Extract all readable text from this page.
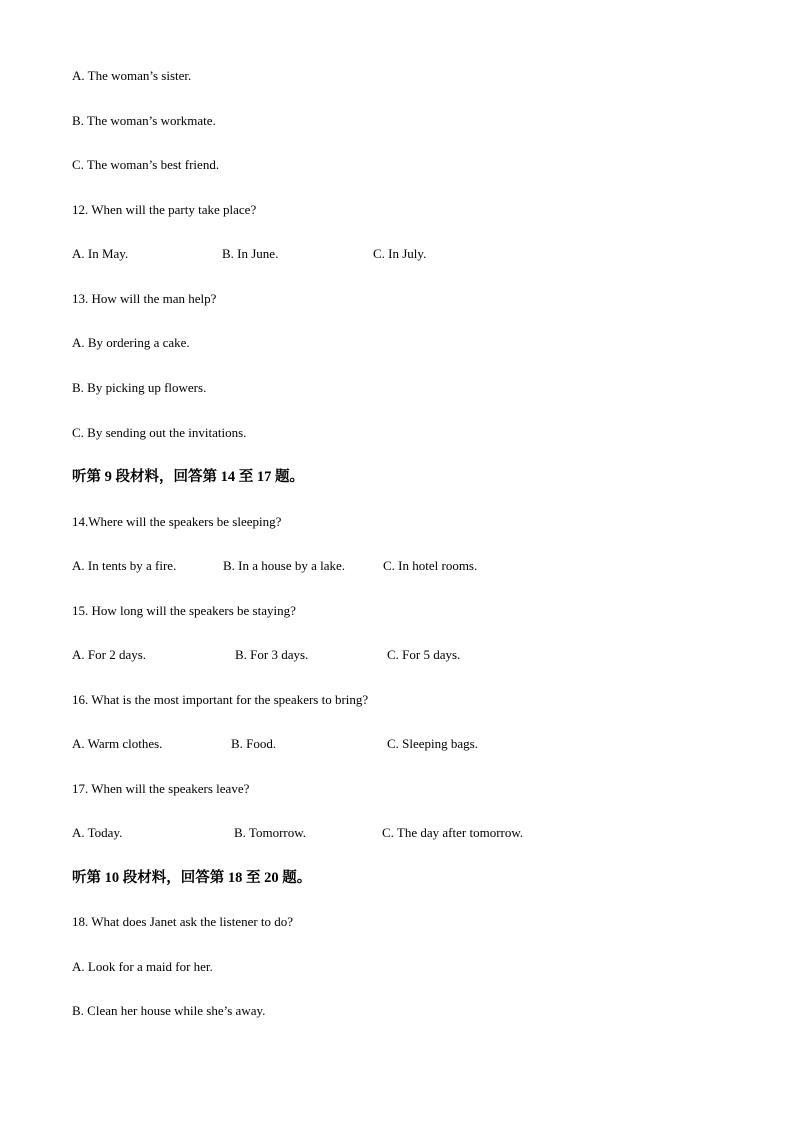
A. The woman’s sister.
B. The woman’s workmate.
C. The woman’s best friend.
12. When will the party take place?
A. In May.	B. In June.	C. In July.
13. How will the man help?
A. By ordering a cake.
B. By picking up flowers.
C. By sending out the invitations.
听第 9 段材料，回答第 14 至 17 题。
14.Where will the speakers be sleeping?
A. In tents by a fire.	B. In a house by a lake.	C. In hotel rooms.
15. How long will the speakers be staying?
A. For 2 days.	B. For 3 days.	C. For 5 days.
16. What is the most important for the speakers to bring?
A. Warm clothes.	B. Food.	C. Sleeping bags.
17. When will the speakers leave?
A. Today.	B. Tomorrow.	C. The day after tomorrow.
听第 10 段材料，回答第 18 至 20 题。
18. What does Janet ask the listener to do?
A. Look for a maid for her.
B. Clean her house while she’s away.
